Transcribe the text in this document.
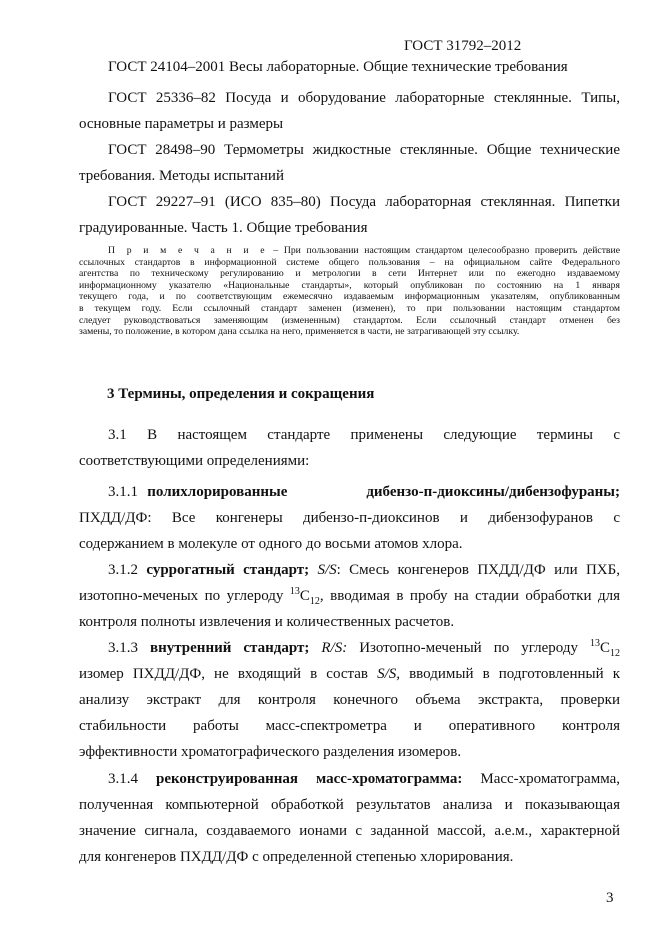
ГОСТ 31792–2012
ГОСТ 24104–2001 Весы лабораторные. Общие технические требования
ГОСТ 25336–82 Посуда и оборудование лабораторные стеклянные. Типы,
основные параметры и размеры
ГОСТ 28498–90 Термометры жидкостные стеклянные. Общие технические
требования. Методы испытаний
ГОСТ 29227–91 (ИСО 835–80) Посуда лабораторная стеклянная. Пипетки
градуированные. Часть 1. Общие требования
П р и м е ч а н и е – При пользовании настоящим стандартом целесообразно проверить действие
ссылочных стандартов в информационной системе общего пользования – на официальном сайте Федерального
агентства по техническому регулированию и метрологии в сети Интернет или по ежегодно издаваемому
информационному указателю «Национальные стандарты», который опубликован по состоянию на 1 января
текущего года, и по соответствующим ежемесячно издаваемым информационным указателям, опубликованным
в текущем году. Если ссылочный стандарт заменен (изменен), то при пользовании настоящим стандартом
следует руководствоваться заменяющим (измененным) стандартом. Если ссылочный стандарт отменен без
замены, то положение, в котором дана ссылка на него, применяется в части, не затрагивающей эту ссылку.
3 Термины, определения и сокращения
3.1 В настоящем стандарте применены следующие термины с
соответствующими определениями:
3.1.1 полихлорированные	дибензо-п-диоксины/дибензофураны;
ПХДД/ДФ: Все конгенеры дибензо-п-диоксинов и дибензофуранов с
содержанием в молекуле от одного до восьми атомов хлора.
3.1.2 суррогатный стандарт; S/S: Смесь конгенеров ПХДД/ДФ или ПХБ,
изотопно-меченых по углероду $^{13}C_{12}$, вводимая в пробу на стадии обработки для
контроля полноты извлечения и количественных расчетов.
3.1.3 внутренний стандарт; R/S: Изотопно-меченый по углероду $^{13}C_{12}$
изомер ПХДД/ДФ, не входящий в состав S/S, вводимый в подготовленный к
анализу экстракт для контроля конечного объема экстракта, проверки
стабильности работы масс-спектрометра и оперативного контроля
эффективности хроматографического разделения изомеров.
3.1.4 реконструированная масс-хроматограмма: Масс-хроматограмма,
полученная компьютерной обработкой результатов анализа и показывающая
значение сигнала, создаваемого ионами с заданной массой, а.е.м., характерной
для конгенеров ПХДД/ДФ с определенной степенью хлорирования.
3
